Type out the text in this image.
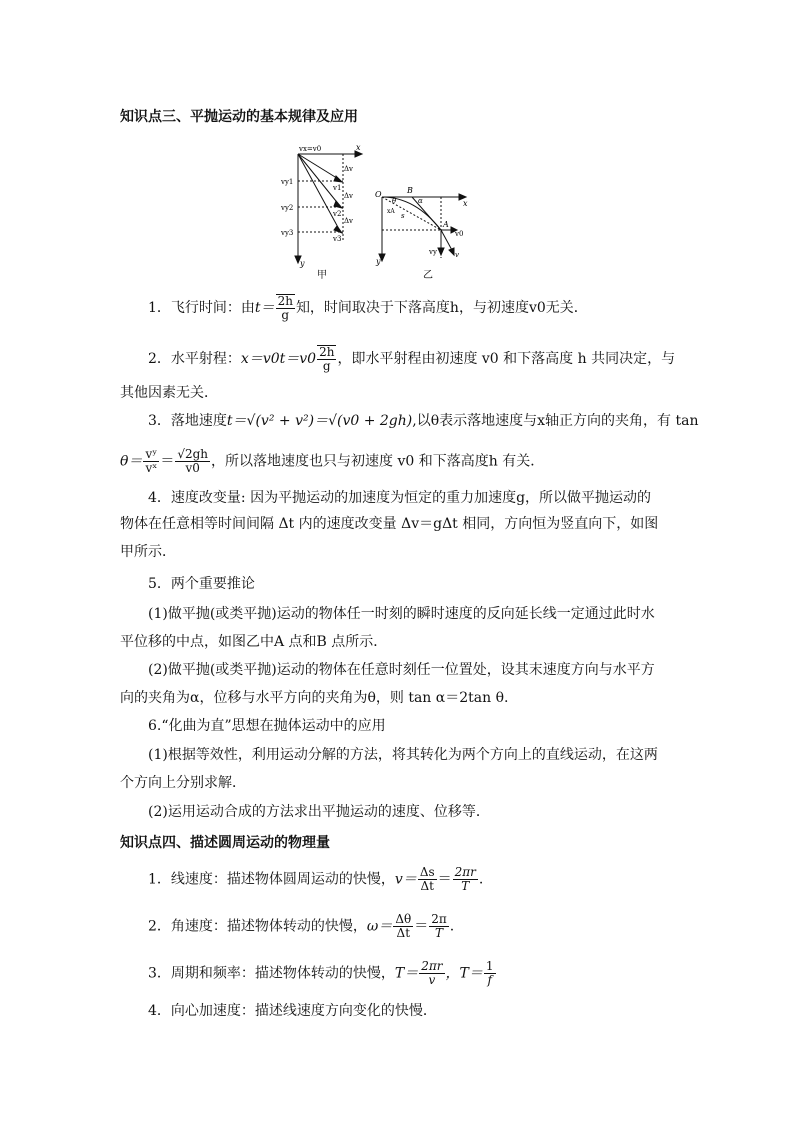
知识点三、平抛运动的基本规律及应用
vx=v0	x
y
vy1
vy2
vy3
v1
v2
v3
Δv
Δv
Δv
甲
O	B
A
α
θ
s
x
y
v0
vy	v
xA
乙
1．飞行时间：由$t= \frac{2h}{g}$ 知，时间取决于下落高度h，与初速度v0无关．
2．水平射程：$x=v0t=v0 \frac{2h}{g}$ ，即水平射程由初速度 v0 和下落高度 h 共同决定，与
其他因素无关．
3．落地速度t＝√(v² + v²)＝√(v0 + 2gh),以θ表示落地速度与x轴正方向的夹角，有 tan
$\theta= \frac{\text{vʸ}}{\text{vˣ}} = \frac{√2gh}{v0}$ ，所以落地速度也只与初速度 v0 和下落高度h 有关．
4．速度改变量: 因为平抛运动的加速度为恒定的重力加速度g，所以做平抛运动的
物体在任意相等时间间隔 Δt 内的速度改变量 Δv＝gΔt 相同，方向恒为竖直向下，如图
甲所示．
5．两个重要推论
(1)做平抛(或类平抛)运动的物体任一时刻的瞬时速度的反向延长线一定通过此时水
平位移的中点，如图乙中A 点和B 点所示．
(2)做平抛(或类平抛)运动的物体在任意时刻任一位置处，设其末速度方向与水平方
向的夹角为α，位移与水平方向的夹角为θ，则 tan α＝2tan θ.
6.“化曲为直”思想在抛体运动中的应用
(1)根据等效性，利用运动分解的方法，将其转化为两个方向上的直线运动，在这两
个方向上分别求解．
(2)运用运动合成的方法求出平抛运动的速度、位移等．
知识点四、描述圆周运动的物理量
1．线速度：描述物体圆周运动的快慢，$v= \frac{\Delta s}{\Delta t} = \frac{2\pi r}{T}$ .
2．角速度：描述物体转动的快慢，$\omega= \frac{\Delta\theta}{\Delta t} = \frac{2\pi}{T}$ .
3．周期和频率：描述物体转动的快慢，$T= \frac{2\pi r}{v}$ ，$T= \frac{1}{f}$
4．向心加速度：描述线速度方向变化的快慢．
